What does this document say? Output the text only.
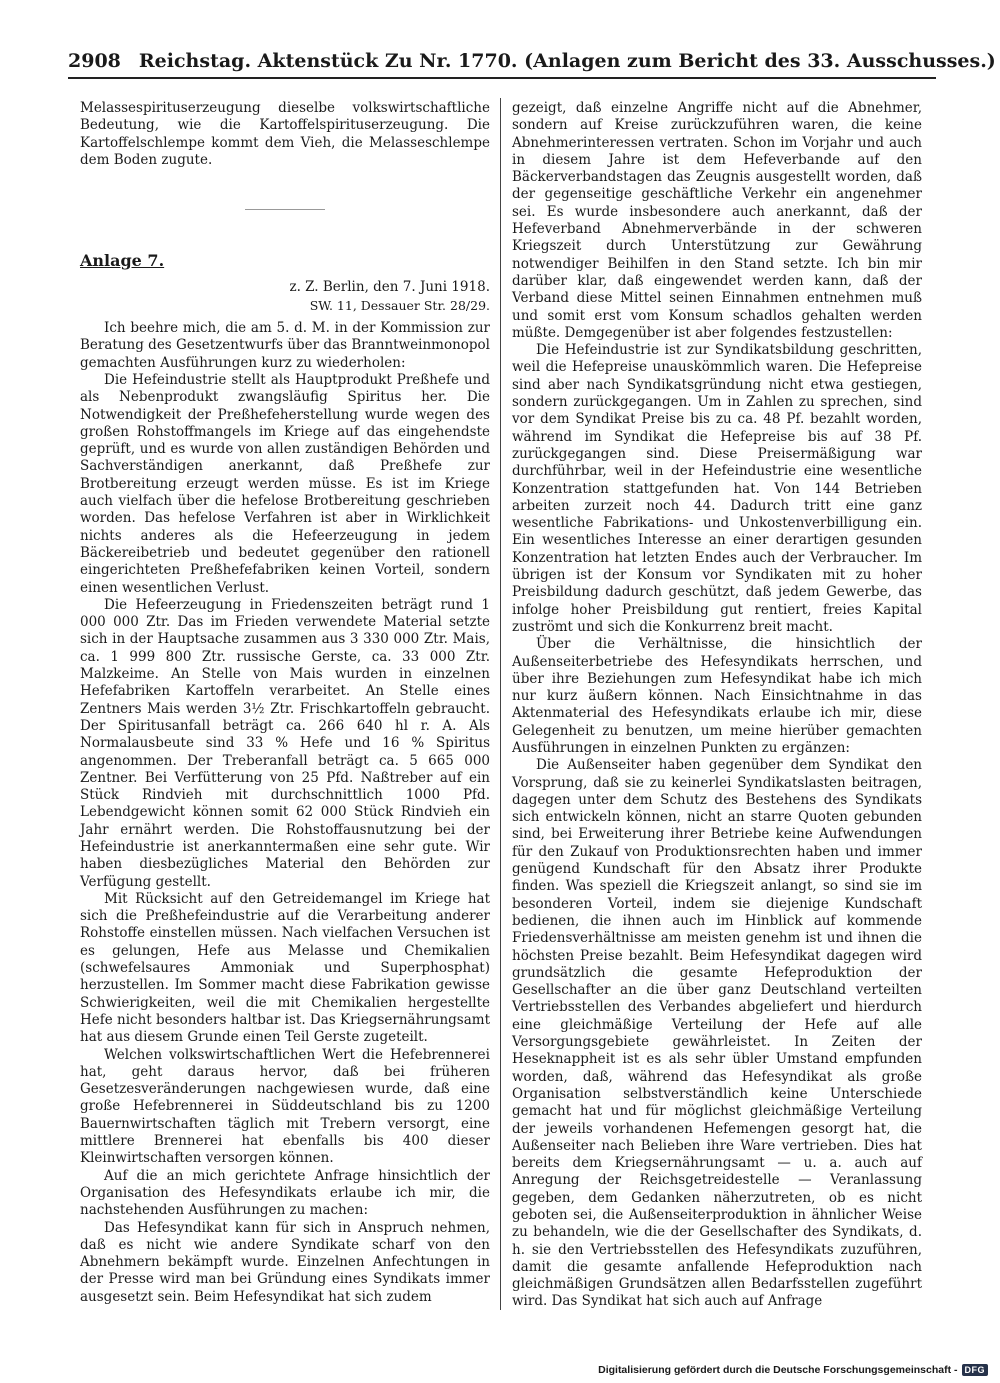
2908 Reichstag. Aktenstück Zu Nr. 1770. (Anlagen zum Bericht des 33. Ausschusses.)

Melassespirituserzeugung dieselbe volkswirtschaftliche Bedeutung, wie die Kartoffelspirituserzeugung. Die Kartoffelschlempe kommt dem Vieh, die Melasseschlempe dem Boden zugute.

Anlage 7.
z. Z. Berlin, den 7. Juni 1918.
SW. 11, Dessauer Str. 28/29.

Ich beehre mich, die am 5. d. M. in der Kommission zur Beratung des Gesetzentwurfs über das Branntweinmonopol gemachten Ausführungen kurz zu wiederholen:

Die Hefeindustrie stellt als Hauptprodukt Preßhefe und als Nebenprodukt zwangsläufig Spiritus her. Die Notwendigkeit der Preßhefeherstellung wurde wegen des großen Rohstoffmangels im Kriege auf das eingehendste geprüft, und es wurde von allen zuständigen Behörden und Sachverständigen anerkannt, daß Preßhefe zur Brotbereitung erzeugt werden müsse. Es ist im Kriege auch vielfach über die hefelose Brotbereitung geschrieben worden. Das hefelose Verfahren ist aber in Wirklichkeit nichts anderes als die Hefeerzeugung in jedem Bäckereibetrieb und bedeutet gegenüber den rationell eingerichteten Preßhefefabriken keinen Vorteil, sondern einen wesentlichen Verlust.

Die Hefeerzeugung in Friedenszeiten beträgt rund 1 000 000 Ztr. Das im Frieden verwendete Material setzte sich in der Hauptsache zusammen aus 3 330 000 Ztr. Mais, ca. 1 999 800 Ztr. russische Gerste, ca. 33 000 Ztr. Malzkeime. An Stelle von Mais wurden in einzelnen Hefefabriken Kartoffeln verarbeitet. An Stelle eines Zentners Mais werden 3½ Ztr. Frischkartoffeln gebraucht. Der Spiritusanfall beträgt ca. 266 640 hl r. A. Als Normalausbeute sind 33 % Hefe und 16 % Spiritus angenommen. Der Treberanfall beträgt ca. 5 665 000 Zentner. Bei Verfütterung von 25 Pfd. Naßtreber auf ein Stück Rindvieh mit durchschnittlich 1000 Pfd. Lebendgewicht können somit 62 000 Stück Rindvieh ein Jahr ernährt werden. Die Rohstoffausnutzung bei der Hefeindustrie ist anerkanntermaßen eine sehr gute. Wir haben diesbezügliches Material den Behörden zur Verfügung gestellt.

Mit Rücksicht auf den Getreidemangel im Kriege hat sich die Preßhefeindustrie auf die Verarbeitung anderer Rohstoffe einstellen müssen. Nach vielfachen Versuchen ist es gelungen, Hefe aus Melasse und Chemikalien (schwefelsaures Ammoniak und Superphosphat) herzustellen. Im Sommer macht diese Fabrikation gewisse Schwierigkeiten, weil die mit Chemikalien hergestellte Hefe nicht besonders haltbar ist. Das Kriegsernährungsamt hat aus diesem Grunde einen Teil Gerste zugeteilt.

Welchen volkswirtschaftlichen Wert die Hefebrennerei hat, geht daraus hervor, daß bei früheren Gesetzesveränderungen nachgewiesen wurde, daß eine große Hefebrennerei in Süddeutschland bis zu 1200 Bauernwirtschaften täglich mit Trebern versorgt, eine mittlere Brennerei hat ebenfalls bis 400 dieser Kleinwirtschaften versorgen können.

Auf die an mich gerichtete Anfrage hinsichtlich der Organisation des Hefesyndikats erlaube ich mir, die nachstehenden Ausführungen zu machen:

Das Hefesyndikat kann für sich in Anspruch nehmen, daß es nicht wie andere Syndikate scharf von den Abnehmern bekämpft wurde. Einzelnen Anfechtungen in der Presse wird man bei Gründung eines Syndikats immer ausgesetzt sein. Beim Hefesyndikat hat sich zudem

gezeigt, daß einzelne Angriffe nicht auf die Abnehmer, sondern auf Kreise zurückzuführen waren, die keine Abnehmerinteressen vertraten. Schon im Vorjahr und auch in diesem Jahre ist dem Hefeverbande auf den Bäckerverbandstagen das Zeugnis ausgestellt worden, daß der gegenseitige geschäftliche Verkehr ein angenehmer sei. Es wurde insbesondere auch anerkannt, daß der Hefeverband Abnehmerverbände in der schweren Kriegszeit durch Unterstützung zur Gewährung notwendiger Beihilfen in den Stand setzte. Ich bin mir darüber klar, daß eingewendet werden kann, daß der Verband diese Mittel seinen Einnahmen entnehmen muß und somit erst vom Konsum schadlos gehalten werden müßte. Demgegenüber ist aber folgendes festzustellen:

Die Hefeindustrie ist zur Syndikatsbildung geschritten, weil die Hefepreise unauskömmlich waren. Die Hefepreise sind aber nach Syndikatsgründung nicht etwa gestiegen, sondern zurückgegangen. Um in Zahlen zu sprechen, sind vor dem Syndikat Preise bis zu ca. 48 Pf. bezahlt worden, während im Syndikat die Hefepreise bis auf 38 Pf. zurückgegangen sind. Diese Preisermäßigung war durchführbar, weil in der Hefeindustrie eine wesentliche Konzentration stattgefunden hat. Von 144 Betrieben arbeiten zurzeit noch 44. Dadurch tritt eine ganz wesentliche Fabrikations- und Unkostenverbilligung ein. Ein wesentliches Interesse an einer derartigen gesunden Konzentration hat letzten Endes auch der Verbraucher. Im übrigen ist der Konsum vor Syndikaten mit zu hoher Preisbildung dadurch geschützt, daß jedem Gewerbe, das infolge hoher Preisbildung gut rentiert, freies Kapital zuströmt und sich die Konkurrenz breit macht.

Über die Verhältnisse, die hinsichtlich der Außenseiterbetriebe des Hefesyndikats herrschen, und über ihre Beziehungen zum Hefesyndikat habe ich mich nur kurz äußern können. Nach Einsichtnahme in das Aktenmaterial des Hefesyndikats erlaube ich mir, diese Gelegenheit zu benutzen, um meine hierüber gemachten Ausführungen in einzelnen Punkten zu ergänzen:

Die Außenseiter haben gegenüber dem Syndikat den Vorsprung, daß sie zu keinerlei Syndikatslasten beitragen, dagegen unter dem Schutz des Bestehens des Syndikats sich entwickeln können, nicht an starre Quoten gebunden sind, bei Erweiterung ihrer Betriebe keine Aufwendungen für den Zukauf von Produktionsrechten haben und immer genügend Kundschaft für den Absatz ihrer Produkte finden. Was speziell die Kriegszeit anlangt, so sind sie im besonderen Vorteil, indem sie diejenige Kundschaft bedienen, die ihnen auch im Hinblick auf kommende Friedensverhältnisse am meisten genehm ist und ihnen die höchsten Preise bezahlt. Beim Hefesyndikat dagegen wird grundsätzlich die gesamte Hefeproduktion der Gesellschafter an die über ganz Deutschland verteilten Vertriebsstellen des Verbandes abgeliefert und hierdurch eine gleichmäßige Verteilung der Hefe auf alle Versorgungsgebiete gewährleistet. In Zeiten der Heseknappheit ist es als sehr übler Umstand empfunden worden, daß, während das Hefesyndikat als große Organisation selbstverständlich keine Unterschiede gemacht hat und für möglichst gleichmäßige Verteilung der jeweils vorhandenen Hefemengen gesorgt hat, die Außenseiter nach Belieben ihre Ware vertrieben. Dies hat bereits dem Kriegsernährungsamt — u. a. auch auf Anregung der Reichsgetreidestelle — Veranlassung gegeben, dem Gedanken näherzutreten, ob es nicht geboten sei, die Außenseiterproduktion in ähnlicher Weise zu behandeln, wie die der Gesellschafter des Syndikats, d. h. sie den Vertriebsstellen des Hefesyndikats zuzuführen, damit die gesamte anfallende Hefeproduktion nach gleichmäßigen Grundsätzen allen Bedarfsstellen zugeführt wird. Das Syndikat hat sich auch auf Anfrage

Digitalisierung gefördert durch die Deutsche Forschungsgemeinschaft - DFG
